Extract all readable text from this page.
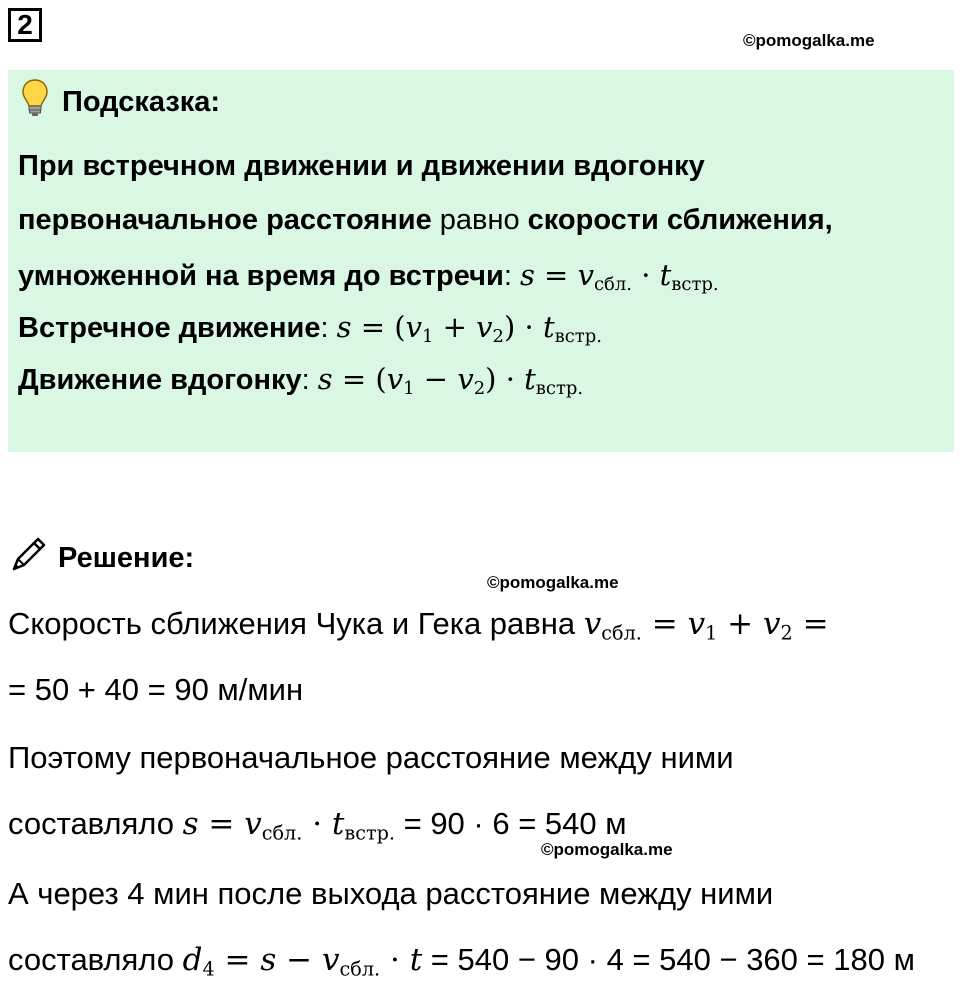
2
©pomogalka.me
Подсказка:
При встречном движении и движении вдогонку
первоначальное расстояние равно скорости сближения,
умноженной на время до встречи: $s = v_{сбл.} \cdot t_{встр.}$
Встречное движение: $s = (v_1 + v_2) \cdot t_{встр.}$
Движение вдогонку: $s = (v_1 - v_2) \cdot t_{встр.}$
Решение:
©pomogalka.me
Скорость сближения Чука и Гека равна $v_{сбл.} = v_1 + v_2$ =
= 50 + 40 = 90 м/мин
Поэтому первоначальное расстояние между ними
составляло $s = v_{сбл.} \cdot t_{встр.} = 90 \cdot 6 = 540$ м
©pomogalka.me
А через 4 мин после выхода расстояние между ними
составляло $d_4 = s - v_{сбл.} \cdot t = 540 - 90 \cdot 4 = 540 - 360 = 180$ м
